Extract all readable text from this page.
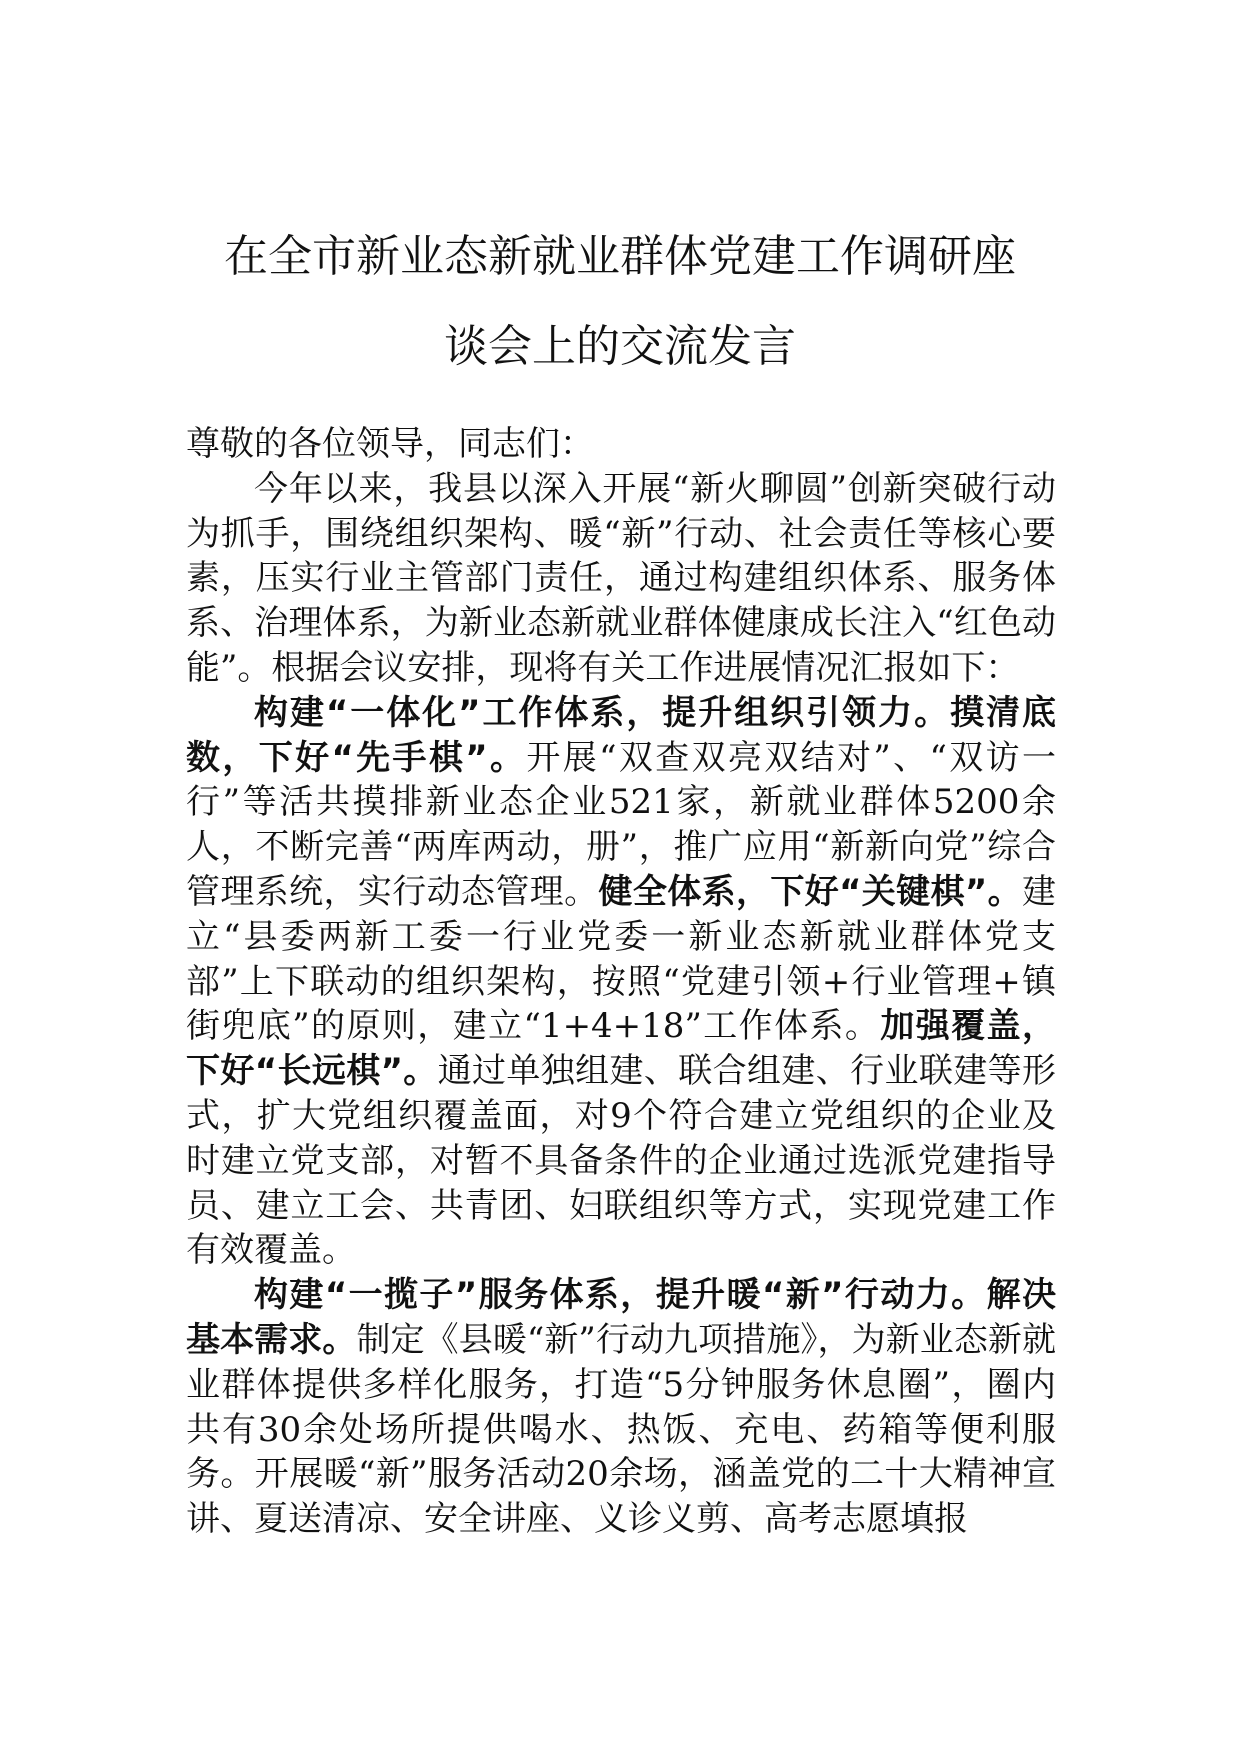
在全市新业态新就业群体党建工作调研座
谈会上的交流发言

尊敬的各位领导，同志们：

今年以来，我县以深入开展“新火聊圆”创新突破行动为抓手，围绕组织架构、暖“新”行动、社会责任等核心要素，压实行业主管部门责任，通过构建组织体系、服务体系、治理体系，为新业态新就业群体健康成长注入“红色动能”。根据会议安排，现将有关工作进展情况汇报如下：

构建“一体化”工作体系，提升组织引领力。摸清底数，下好“先手棋”。开展“双查双亮双结对”、“双访一行”等活共摸排新业态企业521家，新就业群体5200余人，不断完善“两库两动，册”，推广应用“新新向党”综合管理系统，实行动态管理。健全体系，下好“关键棋”。建立“县委两新工委一行业党委一新业态新就业群体党支部”上下联动的组织架构，按照“党建引领+行业管理+镇街兜底”的原则，建立“1+4+18”工作体系。加强覆盖，下好“长远棋”。通过单独组建、联合组建、行业联建等形式，扩大党组织覆盖面，对9个符合建立党组织的企业及时建立党支部，对暂不具备条件的企业通过选派党建指导员、建立工会、共青团、妇联组织等方式，实现党建工作有效覆盖。

构建“一揽子”服务体系，提升暖“新”行动力。解决基本需求。制定《县暖“新”行动九项措施》，为新业态新就业群体提供多样化服务，打造“5分钟服务休息圈”，圈内共有30余处场所提供喝水、热饭、充电、药箱等便利服务。开展暖“新”服务活动20余场，涵盖党的二十大精神宣讲、夏送清凉、安全讲座、义诊义剪、高考志愿填报
